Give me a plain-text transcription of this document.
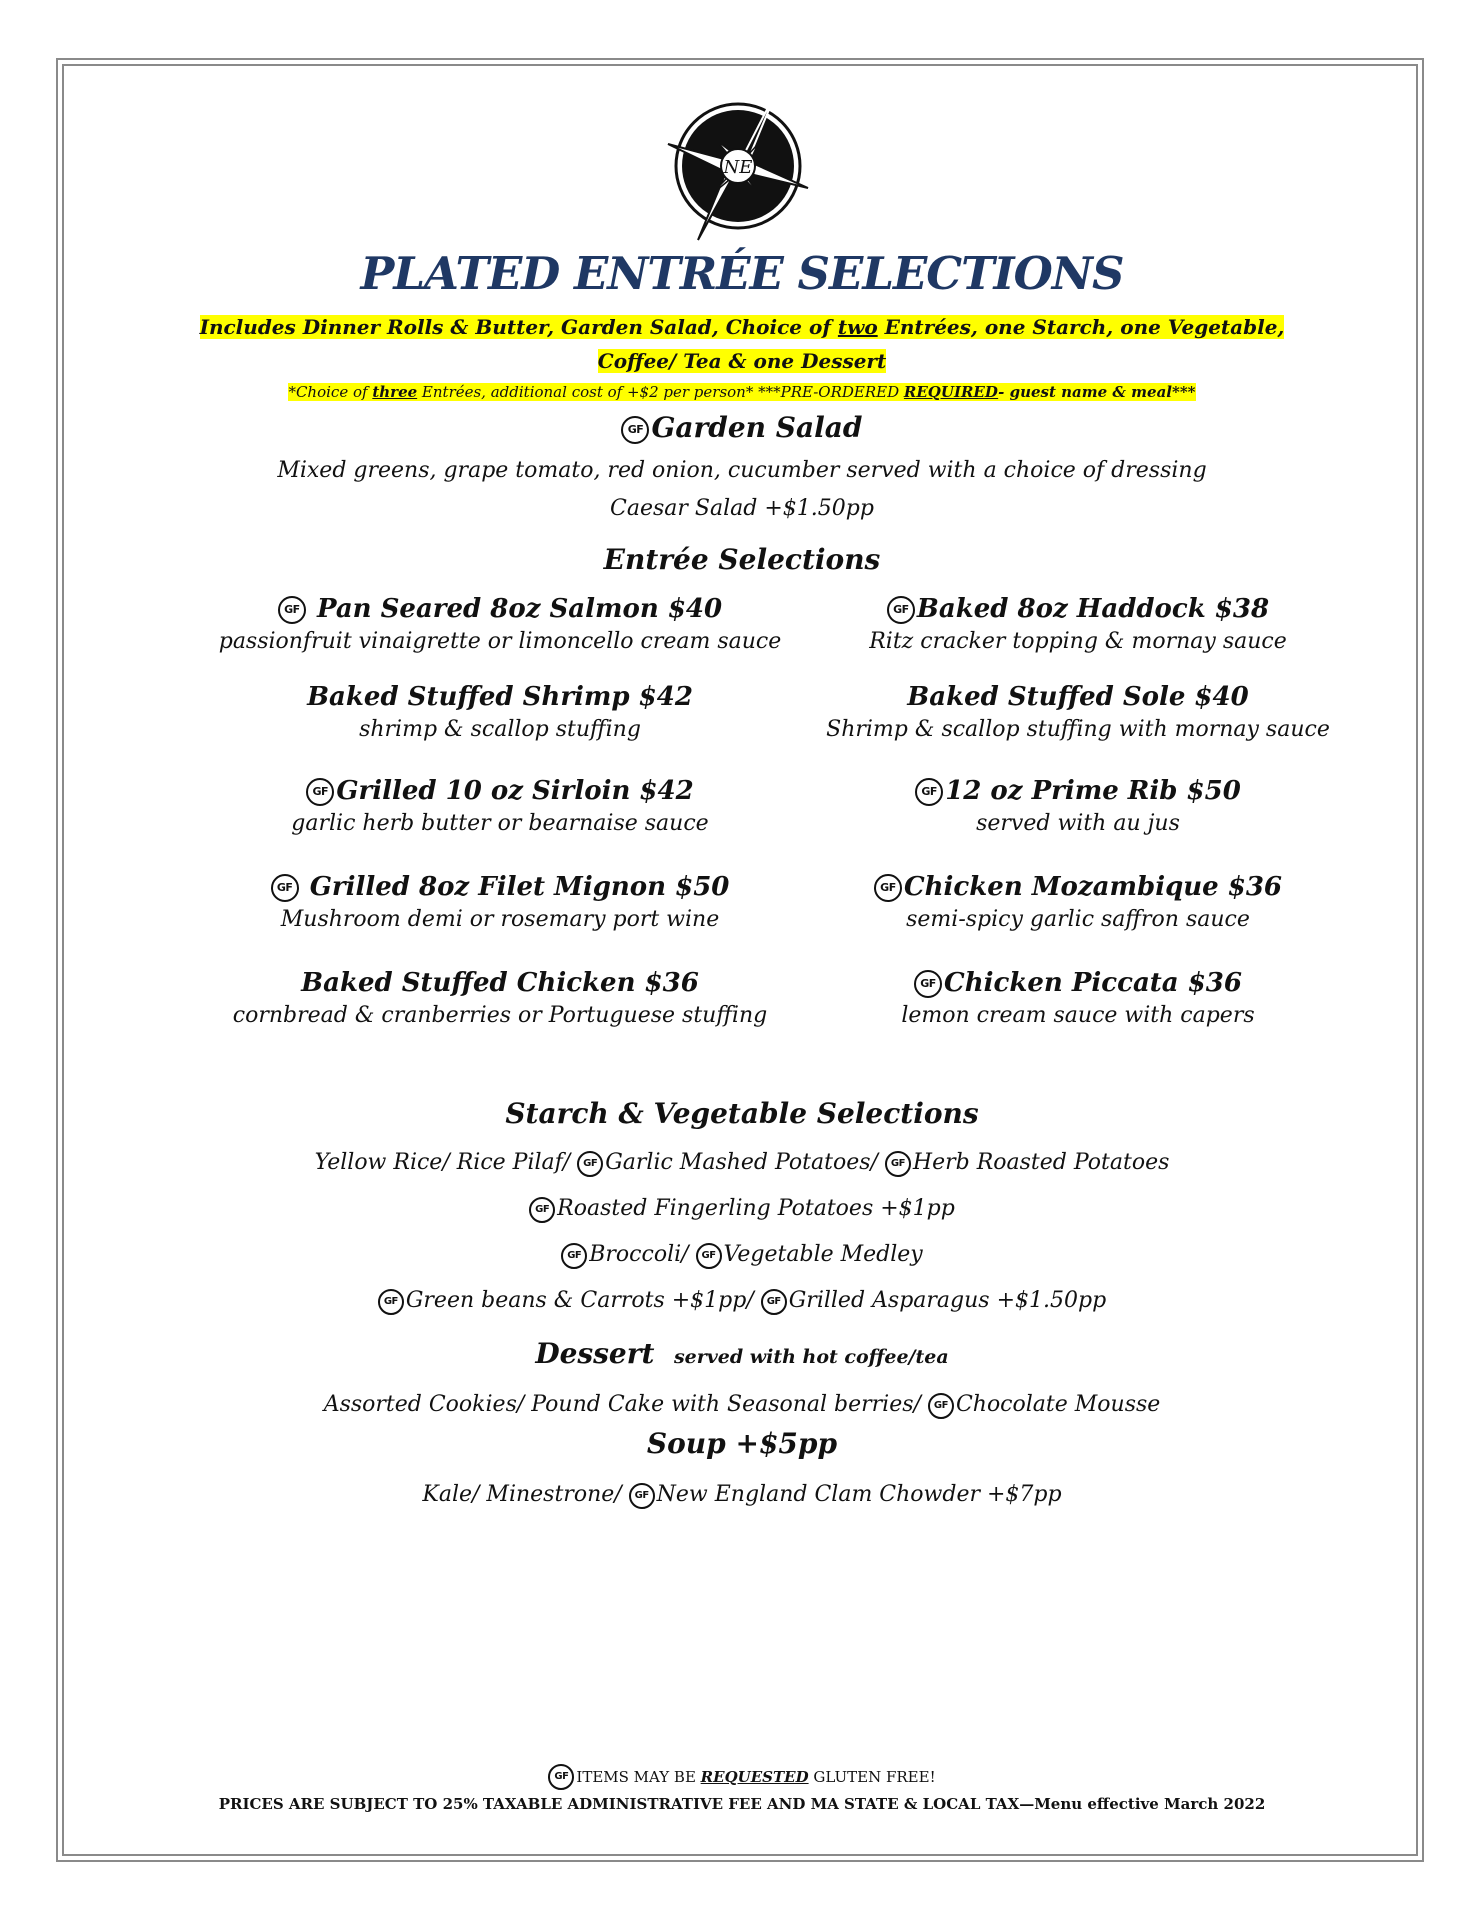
NE
PLATED ENTRÉE SELECTIONS
Includes Dinner Rolls & Butter, Garden Salad, Choice of two Entrées, one Starch, one Vegetable,
Coffee/ Tea & one Dessert
*Choice of three Entrées, additional cost of +$2 per person* ***PRE-ORDERED REQUIRED- guest name & meal***
GF Garden Salad
Mixed greens, grape tomato, red onion, cucumber served with a choice of dressing
Caesar Salad +$1.50pp
Entrée Selections
GF Pan Seared 8oz Salmon $40
passionfruit vinaigrette or limoncello cream sauce
GF Baked 8oz Haddock $38
Ritz cracker topping & mornay sauce
Baked Stuffed Shrimp $42
shrimp & scallop stuffing
Baked Stuffed Sole $40
Shrimp & scallop stuffing with mornay sauce
GF Grilled 10 oz Sirloin $42
garlic herb butter or bearnaise sauce
GF 12 oz Prime Rib $50
served with au jus
GF Grilled 8oz Filet Mignon $50
Mushroom demi or rosemary port wine
GF Chicken Mozambique $36
semi-spicy garlic saffron sauce
Baked Stuffed Chicken $36
cornbread & cranberries or Portuguese stuffing
GF Chicken Piccata $36
lemon cream sauce with capers
Starch & Vegetable Selections
Yellow Rice/ Rice Pilaf/ GF Garlic Mashed Potatoes/ GF Herb Roasted Potatoes
GF Roasted Fingerling Potatoes +$1pp
GF Broccoli/ GF Vegetable Medley
GF Green beans & Carrots +$1pp/ GF Grilled Asparagus +$1.50pp
Dessert served with hot coffee/tea
Assorted Cookies/ Pound Cake with Seasonal berries/ GF Chocolate Mousse
Soup +$5pp
Kale/ Minestrone/ GF New England Clam Chowder +$7pp
GF ITEMS MAY BE REQUESTED GLUTEN FREE!
PRICES ARE SUBJECT TO 25% TAXABLE ADMINISTRATIVE FEE AND MA STATE & LOCAL TAX—Menu effective March 2022
